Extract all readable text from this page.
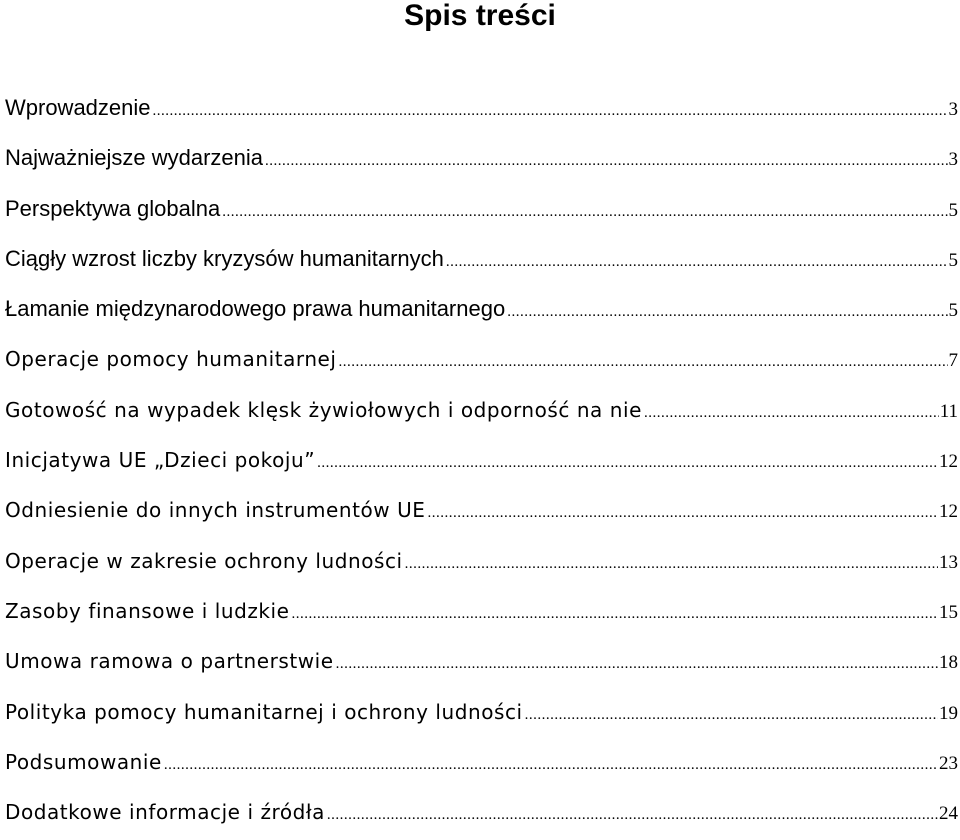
Spis treści
Wprowadzenie .....	3
Najważniejsze wydarzenia .....	3
Perspektywa globalna .....	5
Ciągły wzrost liczby kryzysów humanitarnych .....	5
Łamanie międzynarodowego prawa humanitarnego .....	5
Operacje pomocy humanitarnej .....	7
Gotowość na wypadek klęsk żywiołowych i odporność na nie .....	11
Inicjatywa UE „Dzieci pokoju” .....	12
Odniesienie do innych instrumentów UE .....	12
Operacje w zakresie ochrony ludności .....	13
Zasoby finansowe i ludzkie .....	15
Umowa ramowa o partnerstwie .....	18
Polityka pomocy humanitarnej i ochrony ludności .....	19
Podsumowanie .....	23
Dodatkowe informacje i źródła .....	24
